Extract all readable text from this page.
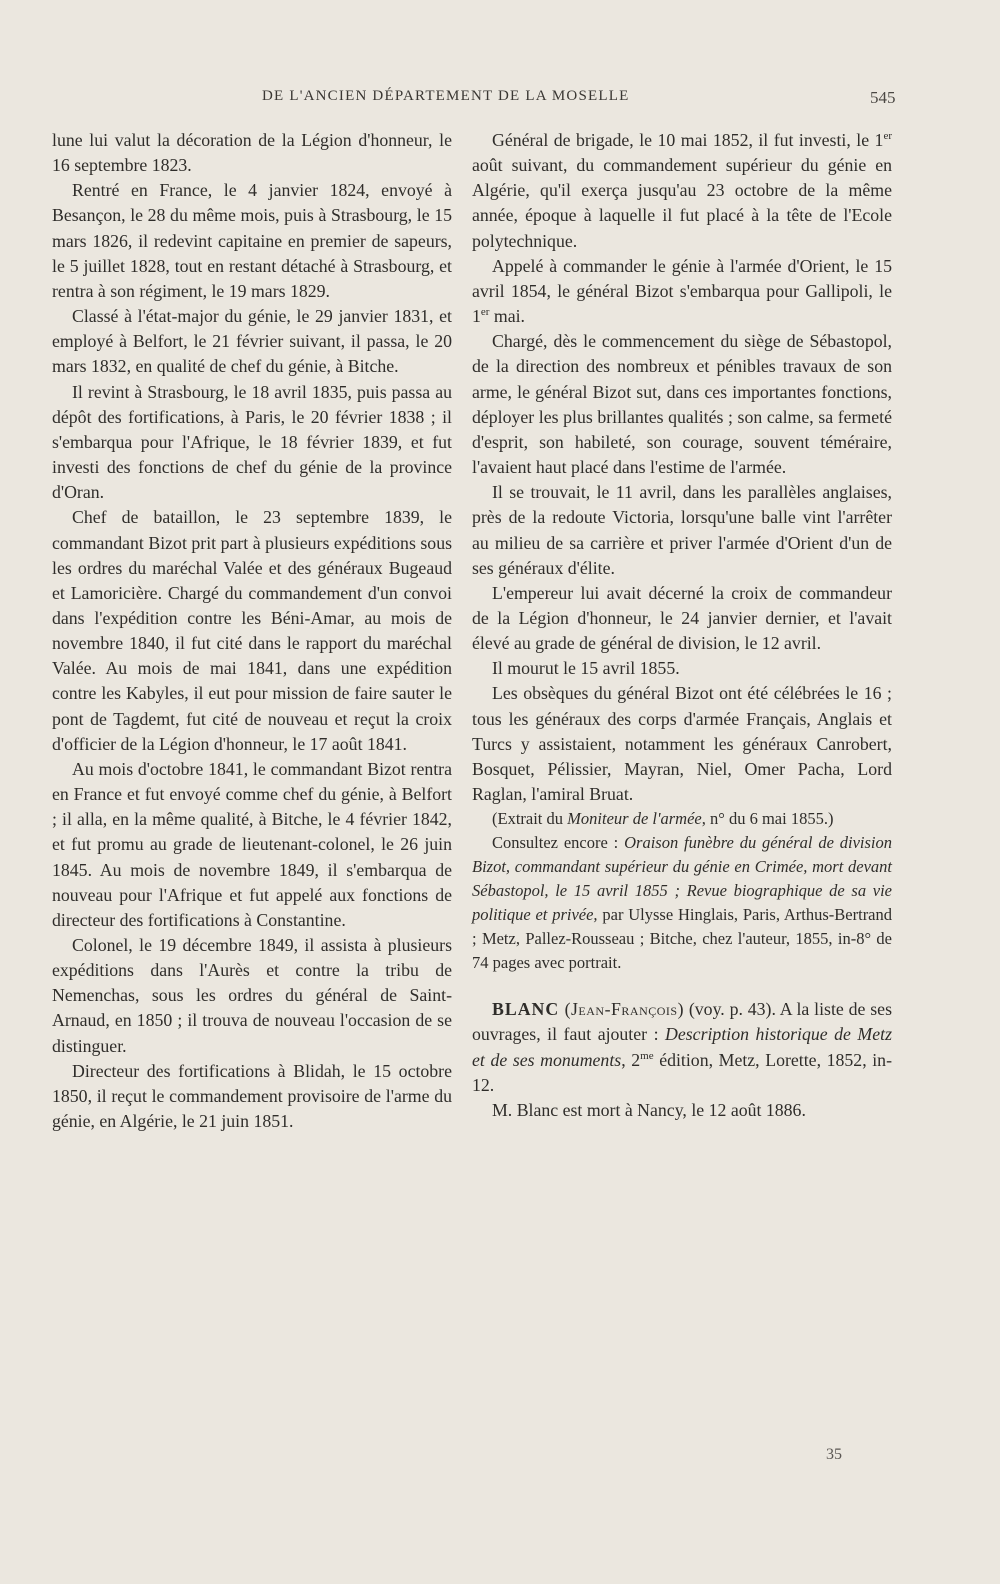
DE L'ANCIEN DÉPARTEMENT DE LA MOSELLE	545

lune lui valut la décoration de la Légion d'honneur, le 16 septembre 1823.

Rentré en France, le 4 janvier 1824, envoyé à Besançon, le 28 du même mois, puis à Strasbourg, le 15 mars 1826, il redevint capitaine en premier de sapeurs, le 5 juillet 1828, tout en restant détaché à Strasbourg, et rentra à son régiment, le 19 mars 1829.

Classé à l'état-major du génie, le 29 janvier 1831, et employé à Belfort, le 21 février suivant, il passa, le 20 mars 1832, en qualité de chef du génie, à Bitche.

Il revint à Strasbourg, le 18 avril 1835, puis passa au dépôt des fortifications, à Paris, le 20 février 1838 ; il s'embarqua pour l'Afrique, le 18 février 1839, et fut investi des fonctions de chef du génie de la province d'Oran.

Chef de bataillon, le 23 septembre 1839, le commandant Bizot prit part à plusieurs expéditions sous les ordres du maréchal Valée et des généraux Bugeaud et Lamoricière. Chargé du commandement d'un convoi dans l'expédition contre les Béni-Amar, au mois de novembre 1840, il fut cité dans le rapport du maréchal Valée. Au mois de mai 1841, dans une expédition contre les Kabyles, il eut pour mission de faire sauter le pont de Tagdemt, fut cité de nouveau et reçut la croix d'officier de la Légion d'honneur, le 17 août 1841.

Au mois d'octobre 1841, le commandant Bizot rentra en France et fut envoyé comme chef du génie, à Belfort ; il alla, en la même qualité, à Bitche, le 4 février 1842, et fut promu au grade de lieutenant-colonel, le 26 juin 1845. Au mois de novembre 1849, il s'embarqua de nouveau pour l'Afrique et fut appelé aux fonctions de directeur des fortifications à Constantine.

Colonel, le 19 décembre 1849, il assista à plusieurs expéditions dans l'Aurès et contre la tribu de Nemenchas, sous les ordres du général de Saint-Arnaud, en 1850 ; il trouva de nouveau l'occasion de se distinguer.

Directeur des fortifications à Blidah, le 15 octobre 1850, il reçut le commandement provisoire de l'arme du génie, en Algérie, le 21 juin 1851.

Général de brigade, le 10 mai 1852, il fut investi, le 1er août suivant, du commandement supérieur du génie en Algérie, qu'il exerça jusqu'au 23 octobre de la même année, époque à laquelle il fut placé à la tête de l'Ecole polytechnique.

Appelé à commander le génie à l'armée d'Orient, le 15 avril 1854, le général Bizot s'embarqua pour Gallipoli, le 1er mai.

Chargé, dès le commencement du siège de Sébastopol, de la direction des nombreux et pénibles travaux de son arme, le général Bizot sut, dans ces importantes fonctions, déployer les plus brillantes qualités ; son calme, sa fermeté d'esprit, son habileté, son courage, souvent téméraire, l'avaient haut placé dans l'estime de l'armée.

Il se trouvait, le 11 avril, dans les parallèles anglaises, près de la redoute Victoria, lorsqu'une balle vint l'arrêter au milieu de sa carrière et priver l'armée d'Orient d'un de ses généraux d'élite.

L'empereur lui avait décerné la croix de commandeur de la Légion d'honneur, le 24 janvier dernier, et l'avait élevé au grade de général de division, le 12 avril.

Il mourut le 15 avril 1855.

Les obsèques du général Bizot ont été célébrées le 16 ; tous les généraux des corps d'armée Français, Anglais et Turcs y assistaient, notamment les généraux Canrobert, Bosquet, Pélissier, Mayran, Niel, Omer Pacha, Lord Raglan, l'amiral Bruat.

(Extrait du Moniteur de l'armée, n° du 6 mai 1855.)

Consultez encore : Oraison funèbre du général de division Bizot, commandant supérieur du génie en Crimée, mort devant Sébastopol, le 15 avril 1855 ; Revue biographique de sa vie politique et privée, par Ulysse Hinglais, Paris, Arthus-Bertrand ; Metz, Pallez-Rousseau ; Bitche, chez l'auteur, 1855, in-8° de 74 pages avec portrait.

BLANC (Jean-François) (voy. p. 43). A la liste de ses ouvrages, il faut ajouter : Description historique de Metz et de ses monuments, $2^{me}$ édition, Metz, Lorette, 1852, in-12.

M. Blanc est mort à Nancy, le 12 août 1886.

35
